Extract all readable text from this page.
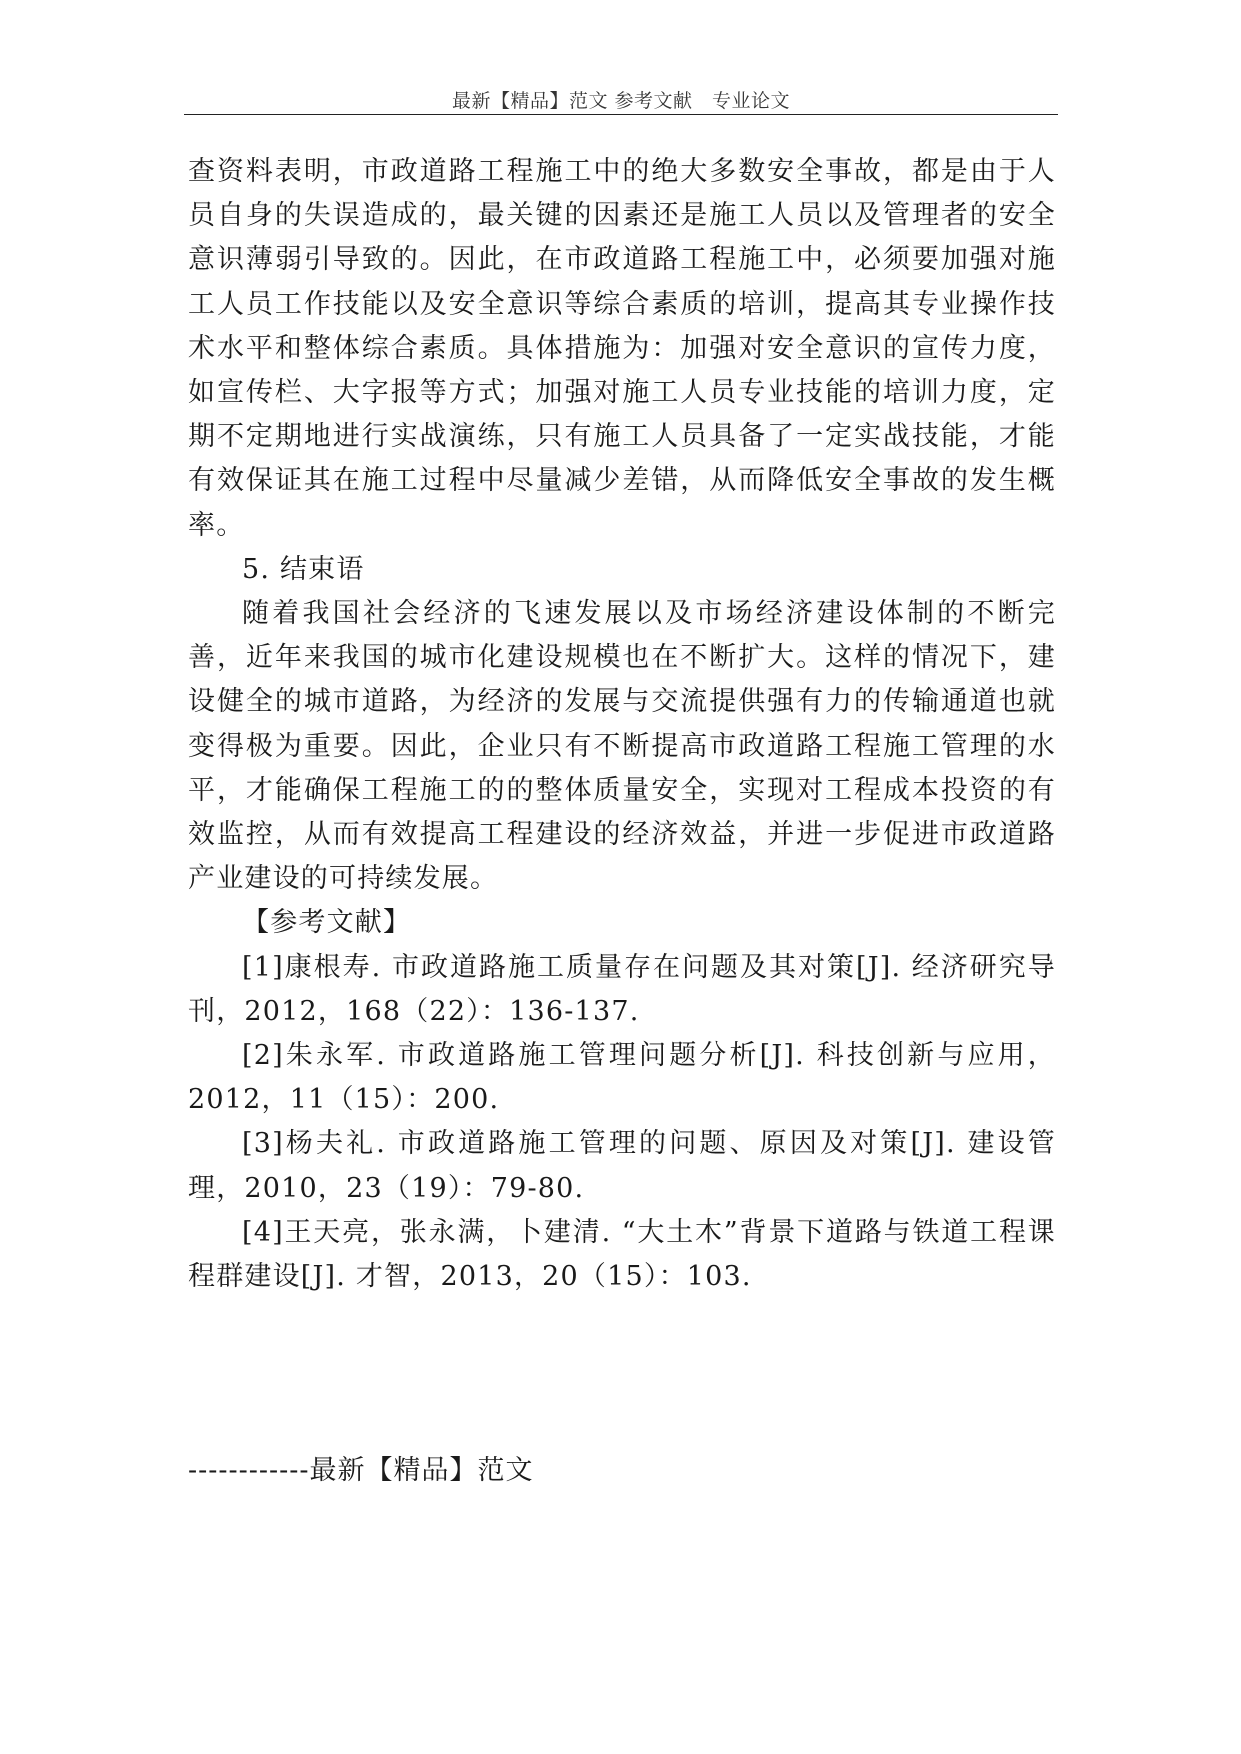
最新【精品】范文 参考文献　专业论文

查资料表明，市政道路工程施工中的绝大多数安全事故，都是由于人员自身的失误造成的，最关键的因素还是施工人员以及管理者的安全意识薄弱引导致的。因此，在市政道路工程施工中，必须要加强对施工人员工作技能以及安全意识等综合素质的培训，提高其专业操作技术水平和整体综合素质。具体措施为：加强对安全意识的宣传力度，如宣传栏、大字报等方式；加强对施工人员专业技能的培训力度，定期不定期地进行实战演练，只有施工人员具备了一定实战技能，才能有效保证其在施工过程中尽量减少差错，从而降低安全事故的发生概率。

5. 结束语

随着我国社会经济的飞速发展以及市场经济建设体制的不断完善，近年来我国的城市化建设规模也在不断扩大。这样的情况下，建设健全的城市道路，为经济的发展与交流提供强有力的传输通道也就变得极为重要。因此，企业只有不断提高市政道路工程施工管理的水平，才能确保工程施工的的整体质量安全，实现对工程成本投资的有效监控，从而有效提高工程建设的经济效益，并进一步促进市政道路产业建设的可持续发展。

【参考文献】

[1]康根寿. 市政道路施工质量存在问题及其对策[J]. 经济研究导刊，2012，168（22）：136-137.

[2]朱永军. 市政道路施工管理问题分析[J]. 科技创新与应用，2012，11（15）：200.

[3]杨夫礼. 市政道路施工管理的问题、原因及对策[J]. 建设管理，2010，23（19）：79-80.

[4]王天亮，张永满，卜建清. “大土木”背景下道路与铁道工程课程群建设[J]. 才智，2013，20（15）：103.

------------最新【精品】范文
